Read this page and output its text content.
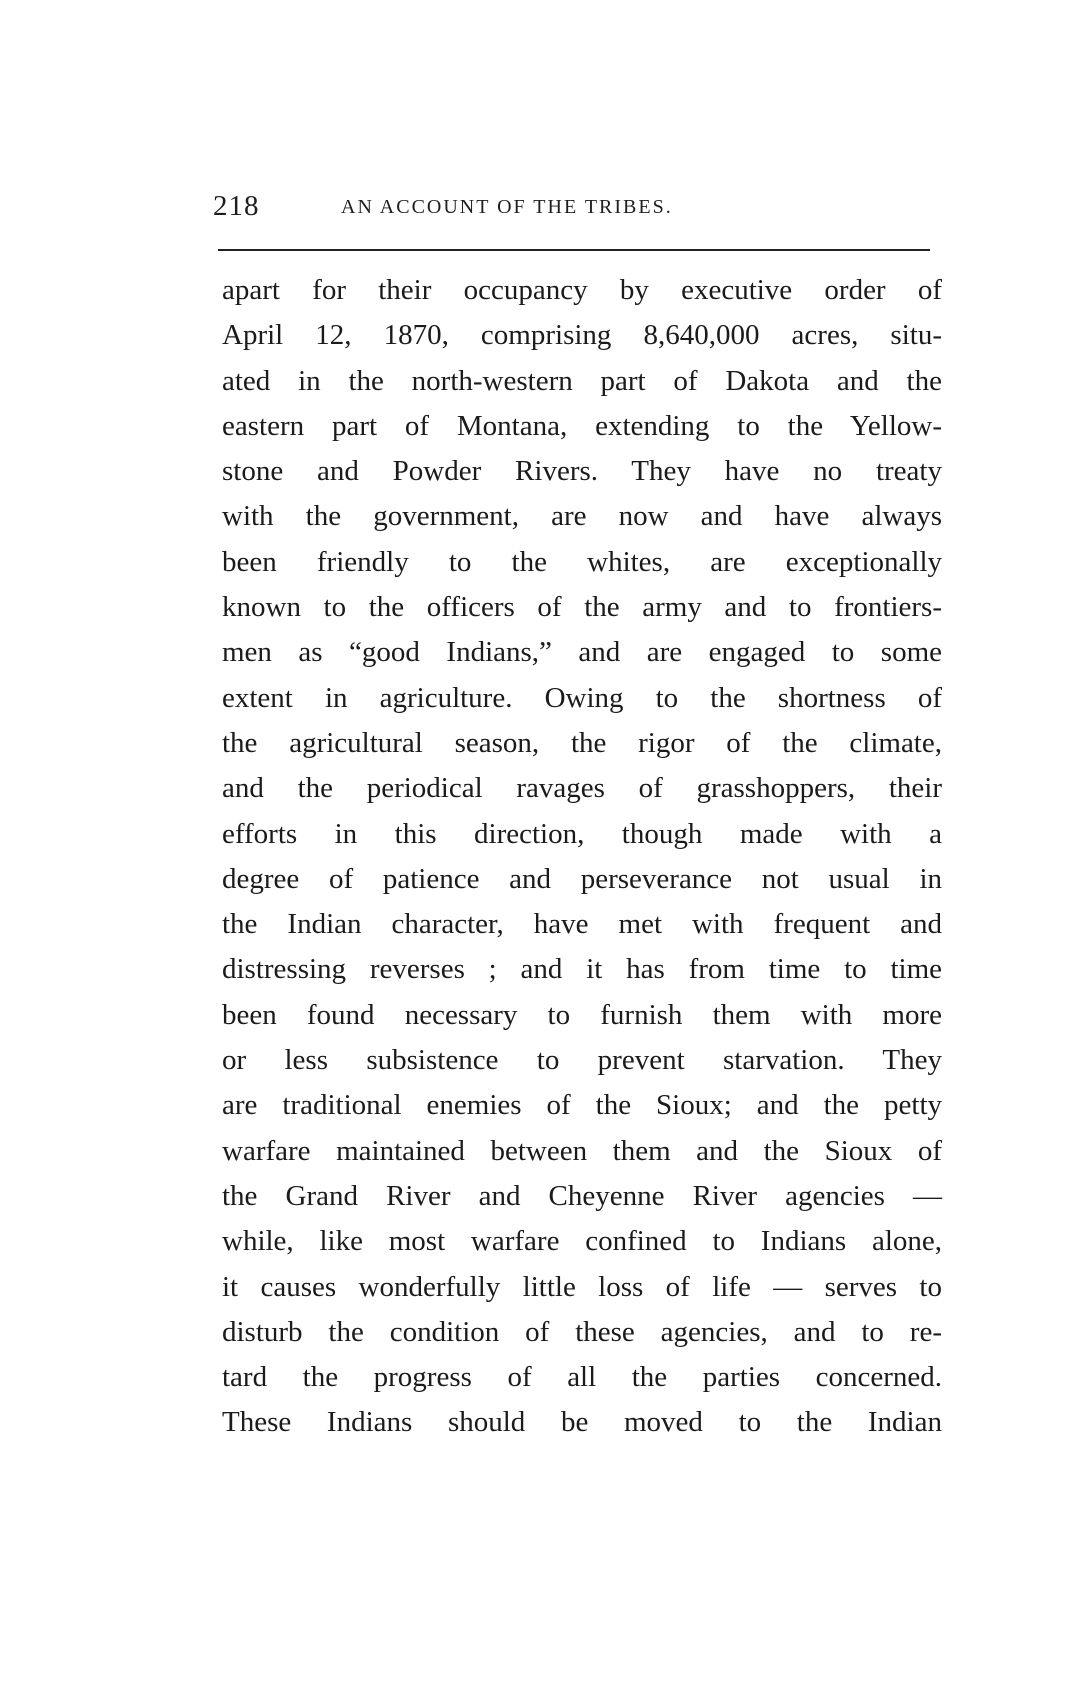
218	AN ACCOUNT OF THE TRIBES.
apart for their occupancy by executive order of
April 12, 1870, comprising 8,640,000 acres, situ-
ated in the north-western part of Dakota and the
eastern part of Montana, extending to the Yellow-
stone and Powder Rivers. They have no treaty
with the government, are now and have always
been friendly to the whites, are exceptionally
known to the officers of the army and to frontiers-
men as “good Indians,” and are engaged to some
extent in agriculture. Owing to the shortness of
the agricultural season, the rigor of the climate,
and the periodical ravages of grasshoppers, their
efforts in this direction, though made with a
degree of patience and perseverance not usual in
the Indian character, have met with frequent and
distressing reverses ; and it has from time to time
been found necessary to furnish them with more
or less subsistence to prevent starvation. They
are traditional enemies of the Sioux; and the petty
warfare maintained between them and the Sioux of
the Grand River and Cheyenne River agencies —
while, like most warfare confined to Indians alone,
it causes wonderfully little loss of life — serves to
disturb the condition of these agencies, and to re-
tard the progress of all the parties concerned.
These Indians should be moved to the Indian
